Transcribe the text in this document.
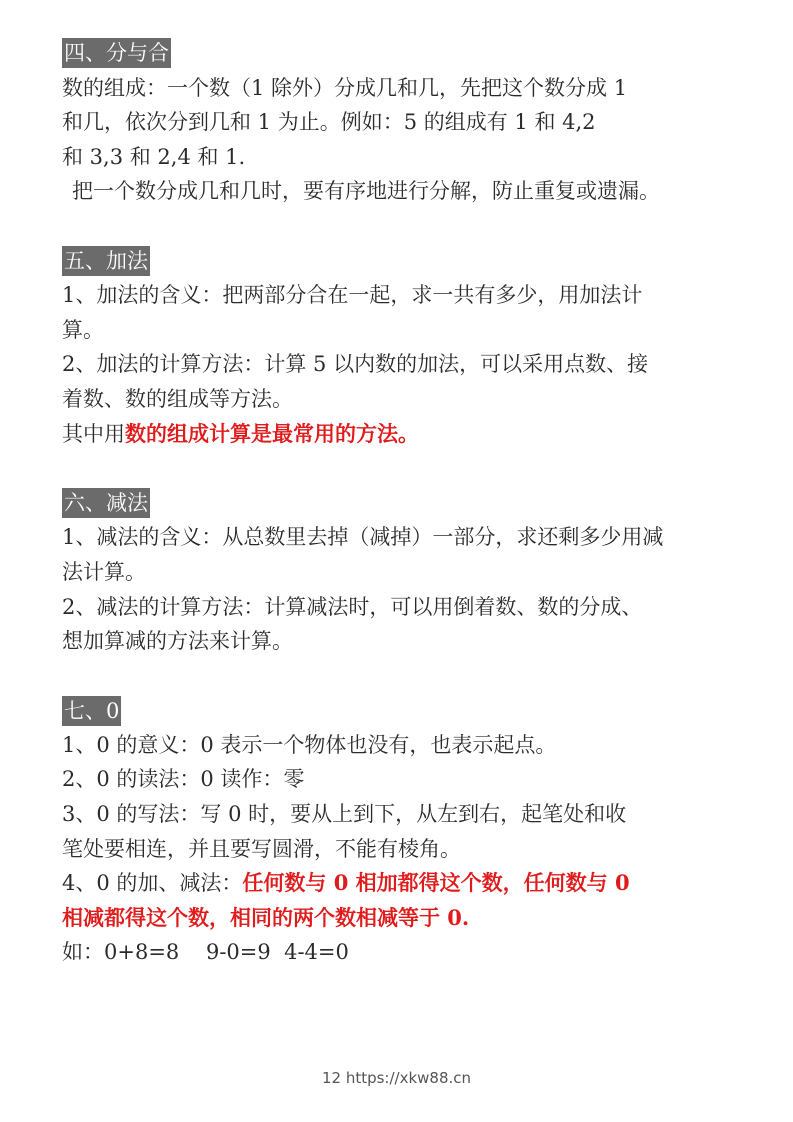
四、分与合

数的组成：一个数（1 除外）分成几和几，先把这个数分成 1

和几，依次分到几和 1 为止。例如：5 的组成有 1 和 4,2

和 3,3 和 2,4 和 1.

把一个数分成几和几时，要有序地进行分解，防止重复或遗漏。

五、加法

1、加法的含义：把两部分合在一起，求一共有多少，用加法计

算。

2、加法的计算方法：计算 5 以内数的加法，可以采用点数、接

着数、数的组成等方法。

其中用数的组成计算是最常用的方法。

六、减法

1、减法的含义：从总数里去掉（减掉）一部分，求还剩多少用减

法计算。

2、减法的计算方法：计算减法时，可以用倒着数、数的分成、

想加算减的方法来计算。

七、0

1、0 的意义：0 表示一个物体也没有，也表示起点。

2、0 的读法：0 读作：零

3、0 的写法：写 0 时，要从上到下，从左到右，起笔处和收

笔处要相连，并且要写圆滑，不能有棱角。

4、0 的加、减法：任何数与 0 相加都得这个数，任何数与 0

相减都得这个数，相同的两个数相减等于 0.

如：0+8=8    9-0=9  4-4=0

12 https://xkw88.cn
